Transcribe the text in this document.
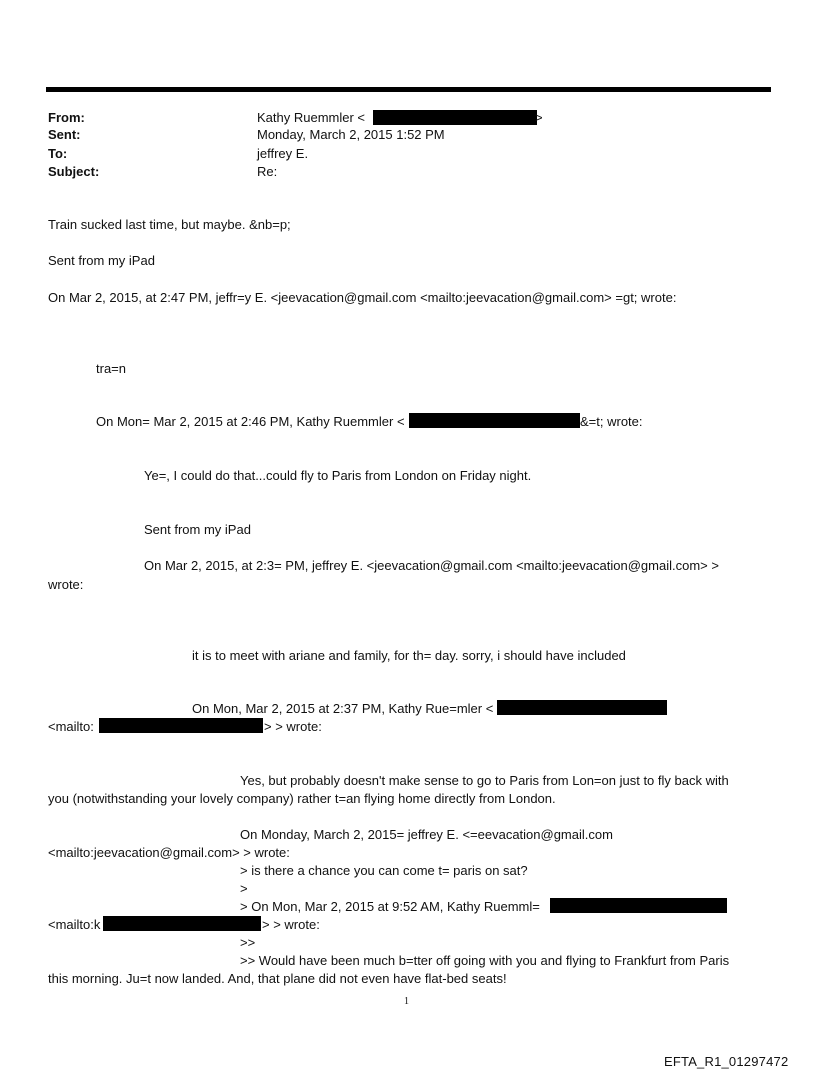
From:	Kathy Ruemmler <	>
Sent:	Monday, March 2, 2015 1:52 PM
To:	jeffrey E.
Subject:	Re:
Train sucked last time, but maybe. &nb=p;
Sent from my iPad
On Mar 2, 2015, at 2:47 PM, jeffr=y E. <jeevacation@gmail.com <mailto:jeevacation@gmail.com> =gt; wrote:
tra=n
On Mon= Mar 2, 2015 at 2:46 PM, Kathy Ruemmler <	&=t; wrote:
Ye=, I could do that...could fly to Paris from London on Friday night.
Sent from my iPad
On Mar 2, 2015, at 2:3= PM, jeffrey E. <jeevacation@gmail.com <mailto:jeevacation@gmail.com> >
wrote:
it is to meet with ariane and family, for th= day. sorry, i should have included
On Mon, Mar 2, 2015 at 2:37 PM, Kathy Rue=mler <
<mailto:	> > wrote:
Yes, but probably doesn't make sense to go to Paris from Lon=on just to fly back with
you (notwithstanding your lovely company) rather t=an flying home directly from London.
On Monday, March 2, 2015= jeffrey E. <=eevacation@gmail.com
<mailto:jeevacation@gmail.com> > wrote:
> is there a chance you can come t= paris on sat?
>
> On Mon, Mar 2, 2015 at 9:52 AM, Kathy Ruemml=
<mailto:k	> > wrote:
>>
>> Would have been much b=tter off going with you and flying to Frankfurt from Paris
this morning. Ju=t now landed. And, that plane did not even have flat-bed seats!
1
EFTA_R1_01297472
